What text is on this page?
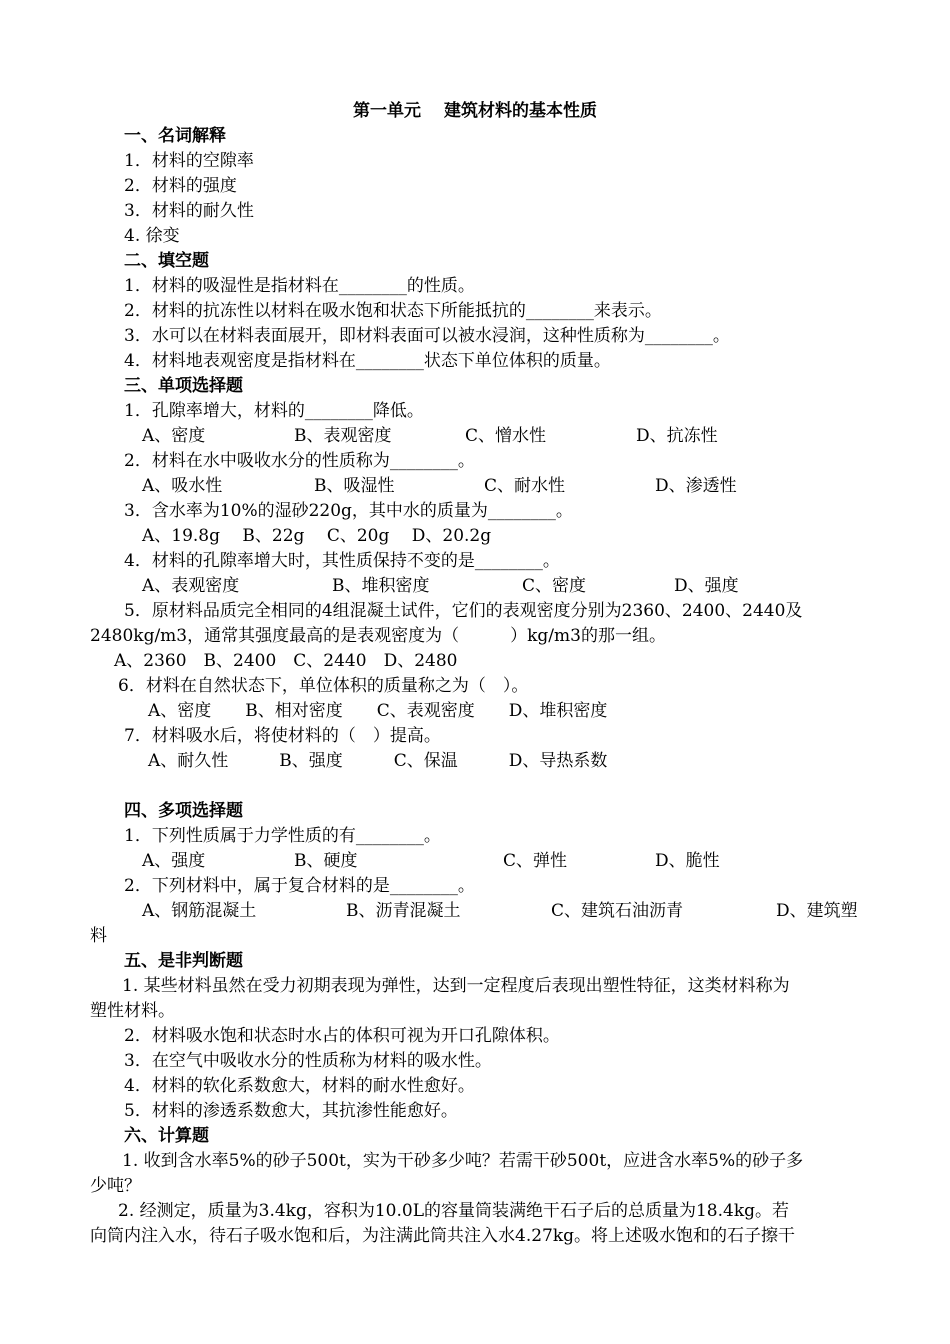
第一单元　 建筑材料的基本性质
一、名词解释
1．材料的空隙率
2．材料的强度
3．材料的耐久性
4. 徐变
二、填空题
1．材料的吸湿性是指材料在________的性质。
2．材料的抗冻性以材料在吸水饱和状态下所能抵抗的________来表示。
3．水可以在材料表面展开，即材料表面可以被水浸润，这种性质称为________。
4．材料地表观密度是指材料在________状态下单位体积的质量。
三、单项选择题
1．孔隙率增大，材料的________降低。
A、密度	B、表观密度	C、憎水性	D、抗冻性
2．材料在水中吸收水分的性质称为________。
A、吸水性	B、吸湿性	C、耐水性	D、渗透性
3．含水率为10%的湿砂220g，其中水的质量为________。
A、19.8g　 B、22g　 C、20g　 D、20.2g
4．材料的孔隙率增大时，其性质保持不变的是________。
A、表观密度	B、堆积密度	C、密度	D、强度
5．原材料品质完全相同的4组混凝土试件，它们的表观密度分别为2360、2400、2440及
2480kg/m3，通常其强度最高的是表观密度为（　　　）kg/m3的那一组。
A、2360　B、2400　C、2440　D、2480
6．材料在自然状态下，单位体积的质量称之为（　）。
A、密度　　B、相对密度　　C、表观密度　　D、堆积密度
7．材料吸水后，将使材料的（　）提高。
A、耐久性　　　B、强度　　　C、保温　　　D、导热系数
四、多项选择题
1．下列性质属于力学性质的有________。
A、强度	B、硬度	C、弹性	D、脆性
2．下列材料中，属于复合材料的是________。
A、钢筋混凝土	B、沥青混凝土	C、建筑石油沥青	D、建筑塑
料
五、是非判断题
1. 某些材料虽然在受力初期表现为弹性，达到一定程度后表现出塑性特征，这类材料称为
塑性材料。
2．材料吸水饱和状态时水占的体积可视为开口孔隙体积。
3．在空气中吸收水分的性质称为材料的吸水性。
4．材料的软化系数愈大，材料的耐水性愈好。
5．材料的渗透系数愈大，其抗渗性能愈好。
六、计算题
1. 收到含水率5%的砂子500t，实为干砂多少吨？若需干砂500t，应进含水率5%的砂子多
少吨？
2. 经测定，质量为3.4kg，容积为10.0L的容量筒装满绝干石子后的总质量为18.4kg。若
向筒内注入水，待石子吸水饱和后，为注满此筒共注入水4.27kg。将上述吸水饱和的石子擦干
